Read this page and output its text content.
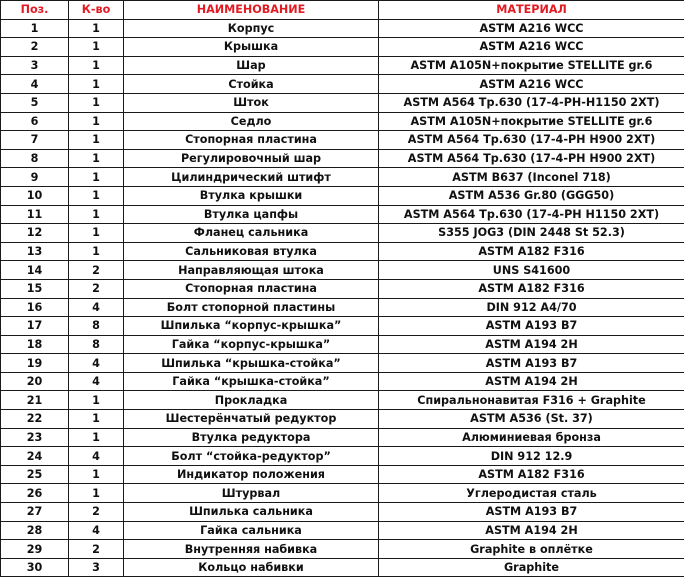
Поз.	К-во	НАИМЕНОВАНИЕ	МАТЕРИАЛ
1	1	Корпус	ASTM A216 WCC
2	1	Крышка	ASTM A216 WCC
3	1	Шар	ASTM A105N+покрытие STELLITE gr.6
4	1	Стойка	ASTM A216 WCC
5	1	Шток	ASTM A564 Tp.630 (17-4-PH-H1150 2XT)
6	1	Седло	ASTM A105N+покрытие STELLITE gr.6
7	1	Стопорная пластина	ASTM A564 Tp.630 (17-4-PH H900 2XT)
8	1	Регулировочный шар	ASTM A564 Tp.630 (17-4-PH H900 2XT)
9	1	Цилиндрический штифт	ASTM B637 (Inconel 718)
10	1	Втулка крышки	ASTM A536 Gr.80 (GGG50)
11	1	Втулка цапфы	ASTM A564 Tp.630 (17-4-PH H1150 2XT)
12	1	Фланец сальника	S355 JOG3 (DIN 2448 St 52.3)
13	1	Сальниковая втулка	ASTM A182 F316
14	2	Направляющая штока	UNS S41600
15	2	Стопорная пластина	ASTM A182 F316
16	4	Болт стопорной пластины	DIN 912 A4/70
17	8	Шпилька “корпус-крышка”	ASTM A193 B7
18	8	Гайка “корпус-крышка”	ASTM A194 2H
19	4	Шпилька “крышка-стойка”	ASTM A193 B7
20	4	Гайка “крышка-стойка”	ASTM A194 2H
21	1	Прокладка	Спиральнонавитая F316 + Graphite
22	1	Шестерёнчатый редуктор	ASTM A536 (St. 37)
23	1	Втулка редуктора	Алюминиевая бронза
24	4	Болт “стойка-редуктор”	DIN 912 12.9
25	1	Индикатор положения	ASTM A182 F316
26	1	Штурвал	Углеродистая сталь
27	2	Шпилька сальника	ASTM A193 B7
28	4	Гайка сальника	ASTM A194 2H
29	2	Внутренняя набивка	Graphite в оплётке
30	3	Кольцо набивки	Graphite
